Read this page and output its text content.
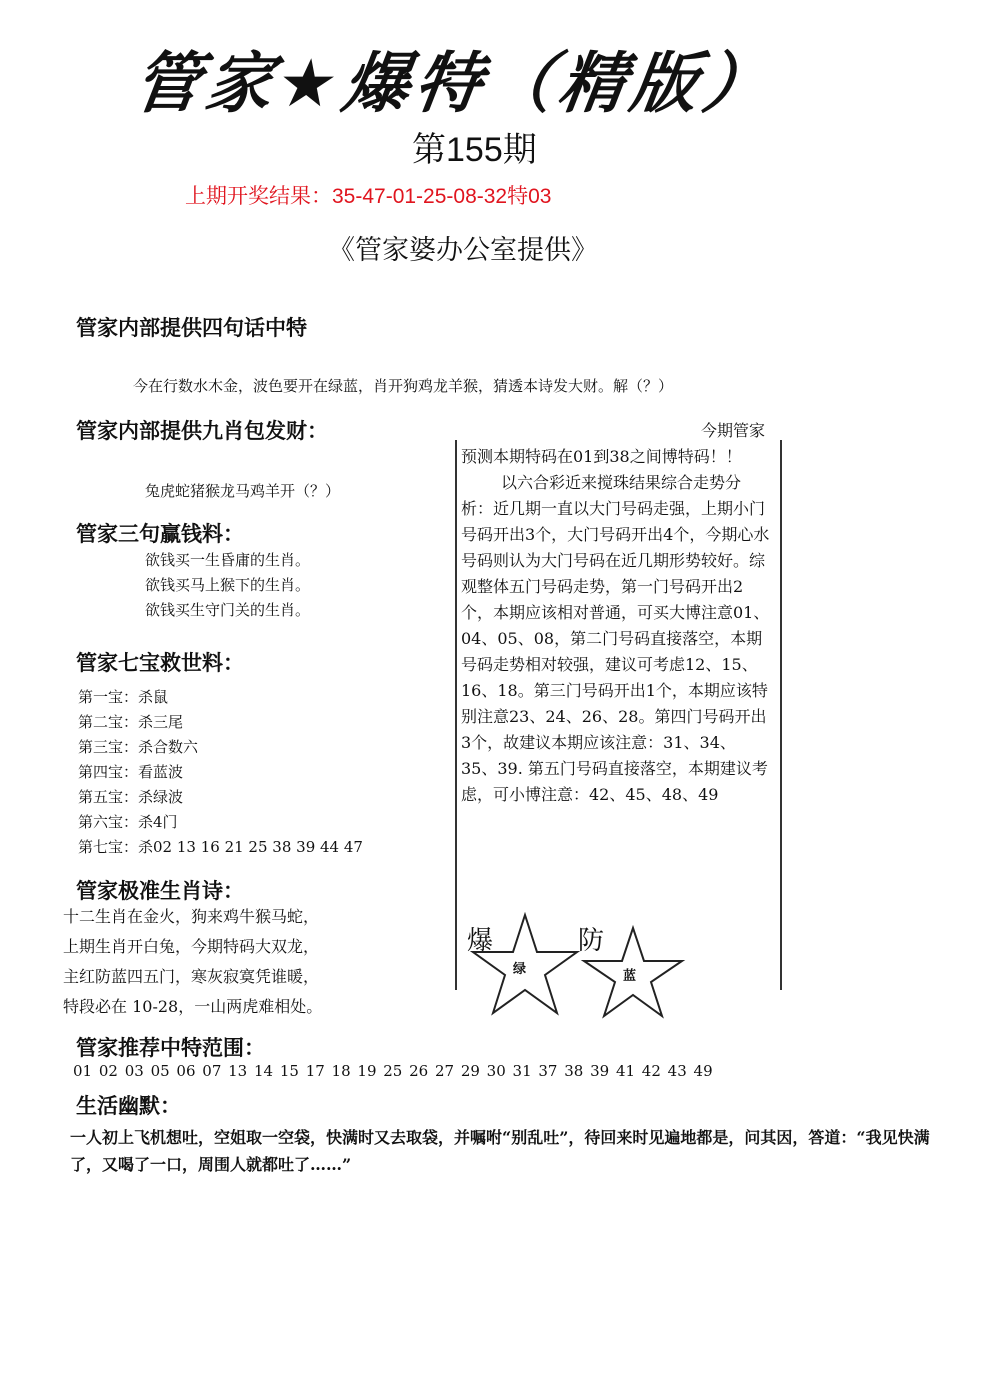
管家★爆特（精版）
第155期
上期开奖结果：35-47-01-25-08-32特03
《管家婆办公室提供》
管家内部提供四句话中特
今在行数水木金，波色要开在绿蓝，肖开狗鸡龙羊猴，猜透本诗发大财。解（？）
管家内部提供九肖包发财：
兔虎蛇猪猴龙马鸡羊开（？）
管家三句赢钱料：
欲钱买一生昏庸的生肖。
欲钱买马上猴下的生肖。
欲钱买生守门关的生肖。
管家七宝救世料：
第一宝：杀鼠
第二宝：杀三尾
第三宝：杀合数六
第四宝：看蓝波
第五宝：杀绿波
第六宝：杀4门
第七宝：杀02 13 16 21 25 38 39 44 47
管家极准生肖诗：
十二生肖在金火，狗来鸡牛猴马蛇，
上期生肖开白兔，今期特码大双龙，
主红防蓝四五门，寒灰寂寞凭谁暖，
特段必在 10-28，一山两虎难相处。

今期管家预测本期特码在01到38之间博特码！！

以六合彩近来搅珠结果综合走势分析：近几期一直以大门号码走强，上期小门号码开出3个，大门号码开出4个，今期心水号码则认为大门号码在近几期形势较好。综观整体五门号码走势，第一门号码开出2个，本期应该相对普通，可买大博注意01、04、05、08，第二门号码直接落空，本期号码走势相对较强，建议可考虑12、15、16、18。第三门号码开出1个，本期应该特别注意23、24、26、28。第四门号码开出3个，故建议本期应该注意：31、34、35、39. 第五门号码直接落空，本期建议考虑，可小博注意：42、45、48、49

爆
绿
防
蓝
管家推荐中特范围：
01 02 03 05 06 07 13 14 15 17 18 19 25 26 27 29 30 31 37 38 39 41 42 43 49
生活幽默：
一人初上飞机想吐，空姐取一空袋，快满时又去取袋，并嘱咐“别乱吐”，待回来时见遍地都是，问其因，答道：“我见快满了，又喝了一口，周围人就都吐了……”
